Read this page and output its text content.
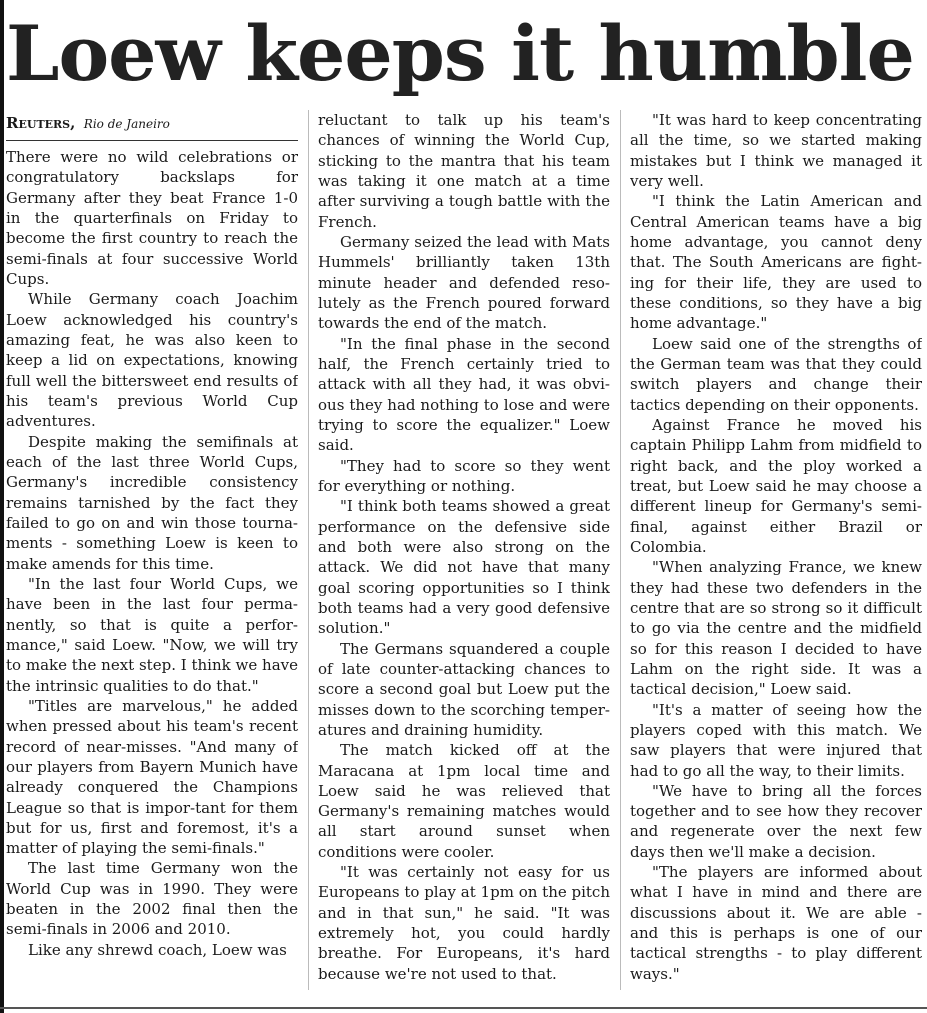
Loew keeps it humble
Reuters, Rio de Janeiro

There were no wild celebrations or congratulatory backslaps for Germany after they beat France 1-0 in the quarterfinals on Friday to become the first country to reach the semi-finals at four successive World Cups.

While Germany coach Joachim Loew acknowledged his country's amazing feat, he was also keen to keep a lid on expectations, knowing full well the bittersweet end results of his team's previous World Cup adventures.

Despite making the semifinals at each of the last three World Cups, Germany's incredible consistency remains tarnished by the fact they failed to go on and win those tourna-ments - something Loew is keen to make amends for this time.

"In the last four World Cups, we have been in the last four perma-nently, so that is quite a perfor-mance," said Loew. "Now, we will try to make the next step. I think we have the intrinsic qualities to do that."

"Titles are marvelous," he added when pressed about his team's recent record of near-misses. "And many of our players from Bayern Munich have already conquered the Champions League so that is impor-tant for them but for us, first and foremost, it's a matter of playing the semi-finals."

The last time Germany won the World Cup was in 1990. They were beaten in the 2002 final then the semi-finals in 2006 and 2010.

Like any shrewd coach, Loew was

reluctant to talk up his team's chances of winning the World Cup, sticking to the mantra that his team was taking it one match at a time after surviving a tough battle with the French.

Germany seized the lead with Mats Hummels' brilliantly taken 13th minute header and defended reso-lutely as the French poured forward towards the end of the match.

"In the final phase in the second half, the French certainly tried to attack with all they had, it was obvi-ous they had nothing to lose and were trying to score the equalizer." Loew said.

"They had to score so they went for everything or nothing.

"I think both teams showed a great performance on the defensive side and both were also strong on the attack. We did not have that many goal scoring opportunities so I think both teams had a very good defensive solution."

The Germans squandered a couple of late counter-attacking chances to score a second goal but Loew put the misses down to the scorching temper-atures and draining humidity.

The match kicked off at the Maracana at 1pm local time and Loew said he was relieved that Germany's remaining matches would all start around sunset when conditions were cooler.

"It was certainly not easy for us Europeans to play at 1pm on the pitch and in that sun," he said. "It was extremely hot, you could hardly breathe. For Europeans, it's hard because we're not used to that.

"It was hard to keep concentrating all the time, so we started making mistakes but I think we managed it very well.

"I think the Latin American and Central American teams have a big home advantage, you cannot deny that. The South Americans are fight-ing for their life, they are used to these conditions, so they have a big home advantage."

Loew said one of the strengths of the German team was that they could switch players and change their tactics depending on their opponents.

Against France he moved his captain Philipp Lahm from midfield to right back, and the ploy worked a treat, but Loew said he may choose a different lineup for Germany's semi-final, against either Brazil or Colombia.

"When analyzing France, we knew they had these two defenders in the centre that are so strong so it difficult to go via the centre and the midfield so for this reason I decided to have Lahm on the right side. It was a tactical decision," Loew said.

"It's a matter of seeing how the players coped with this match. We saw players that were injured that had to go all the way, to their limits.

"We have to bring all the forces together and to see how they recover and regenerate over the next few days then we'll make a decision.

"The players are informed about what I have in mind and there are discussions about it. We are able - and this is perhaps is one of our tactical strengths - to play different ways."
